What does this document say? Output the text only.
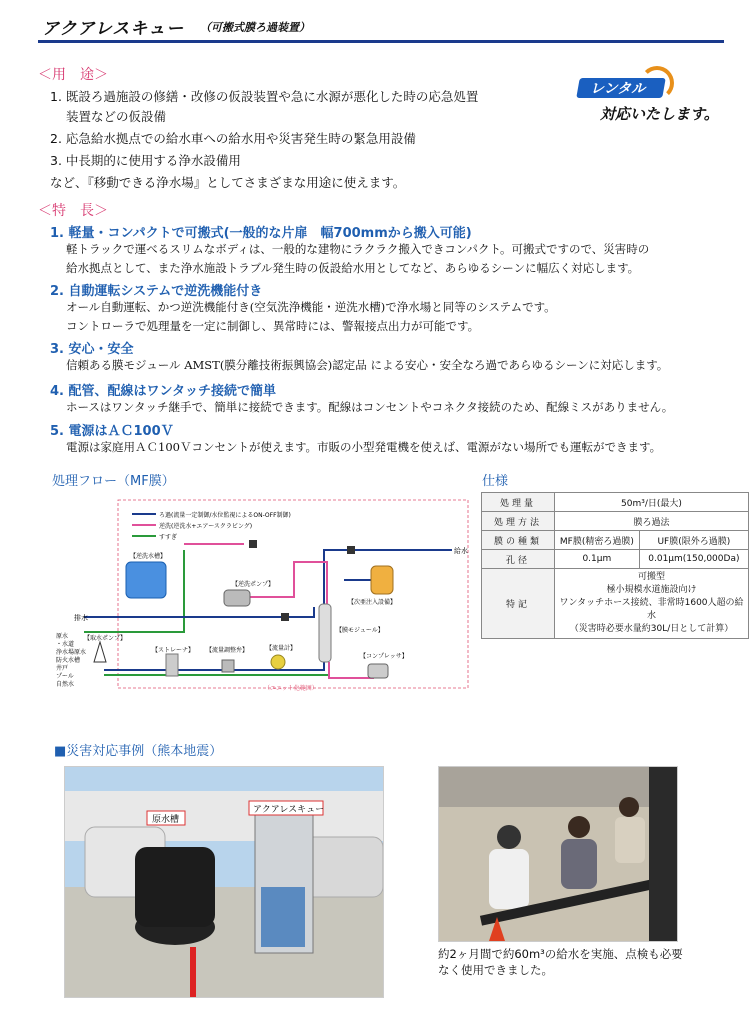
アクアレスキュー （可搬式膜ろ過装置）
レンタル
対応いたします。
＜用　途＞
1. 既設ろ過施設の修繕・改修の仮設装置や急に水源が悪化した時の応急処置
装置などの仮設備
2. 応急給水拠点での給水車への給水用や災害発生時の緊急用設備
3. 中長期的に使用する浄水設備用
など、『移動できる浄水場』としてさまざまな用途に使えます。
＜特　長＞
1. 軽量・コンパクトで可搬式(一般的な片扉　幅700mmから搬入可能)
軽トラックで運べるスリムなボディは、一般的な建物にラクラク搬入できコンパクト。可搬式ですので、災害時の
給水拠点として、また浄水施設トラブル発生時の仮設給水用としてなど、あらゆるシーンに幅広く対応します。
2. 自動運転システムで逆洗機能付き
オール自動運転、かつ逆洗機能付き(空気洗浄機能・逆洗水槽)で浄水場と同等のシステムです。
コントローラで処理量を一定に制御し、異常時には、警報接点出力が可能です。
3. 安心・安全
信頼ある膜モジュール AMST(膜分離技術振興協会)認定品 による安心・安全なろ過であらゆるシーンに対応します。
4. 配管、配線はワンタッチ接続で簡単
ホースはワンタッチ継手で、簡単に接続できます。配線はコンセントやコネクタ接続のため、配線ミスがありません。
5. 電源はＡＣ100Ｖ
電源は家庭用ＡＣ100Ｖコンセントが使えます。市販の小型発電機を使えば、電源がない場所でも運転ができます。
処理フロー（MF膜）
ろ過(流量一定制御/水位監視によるON-OFF制御)
逆洗(逆洗水+エアースクラビング)
すすぎ
【逆洗水槽】
【逆洗ポンプ】
【次亜注入設備】
【膜モジュール】
【ストレーナ】 【流量調整弁】	【流量計】
【コンプレッサ】
【取水ポンプ】
給水
排水
（ユニット化範囲）
原水
・水道
浄水場原水
防火水槽
井戸
プール
自然水
仕様
処理量	50m³/日(最大)	
処理方法	膜ろ過法	
膜の種類	MF膜(精密ろ過膜)	UF膜(限外ろ過膜)
孔径	0.1μm	0.01μm(150,000Da)
特記	可搬型
極小規模水道施設向け
ワンタッチホース接続、非常時1600人超の給水
（災害時必要水量約30L/日として計算）	
■災害対応事例（熊本地震）
原水槽
アクアレスキュー
約2ヶ月間で約60m³の給水を実施、点検も必要
なく使用できました。
